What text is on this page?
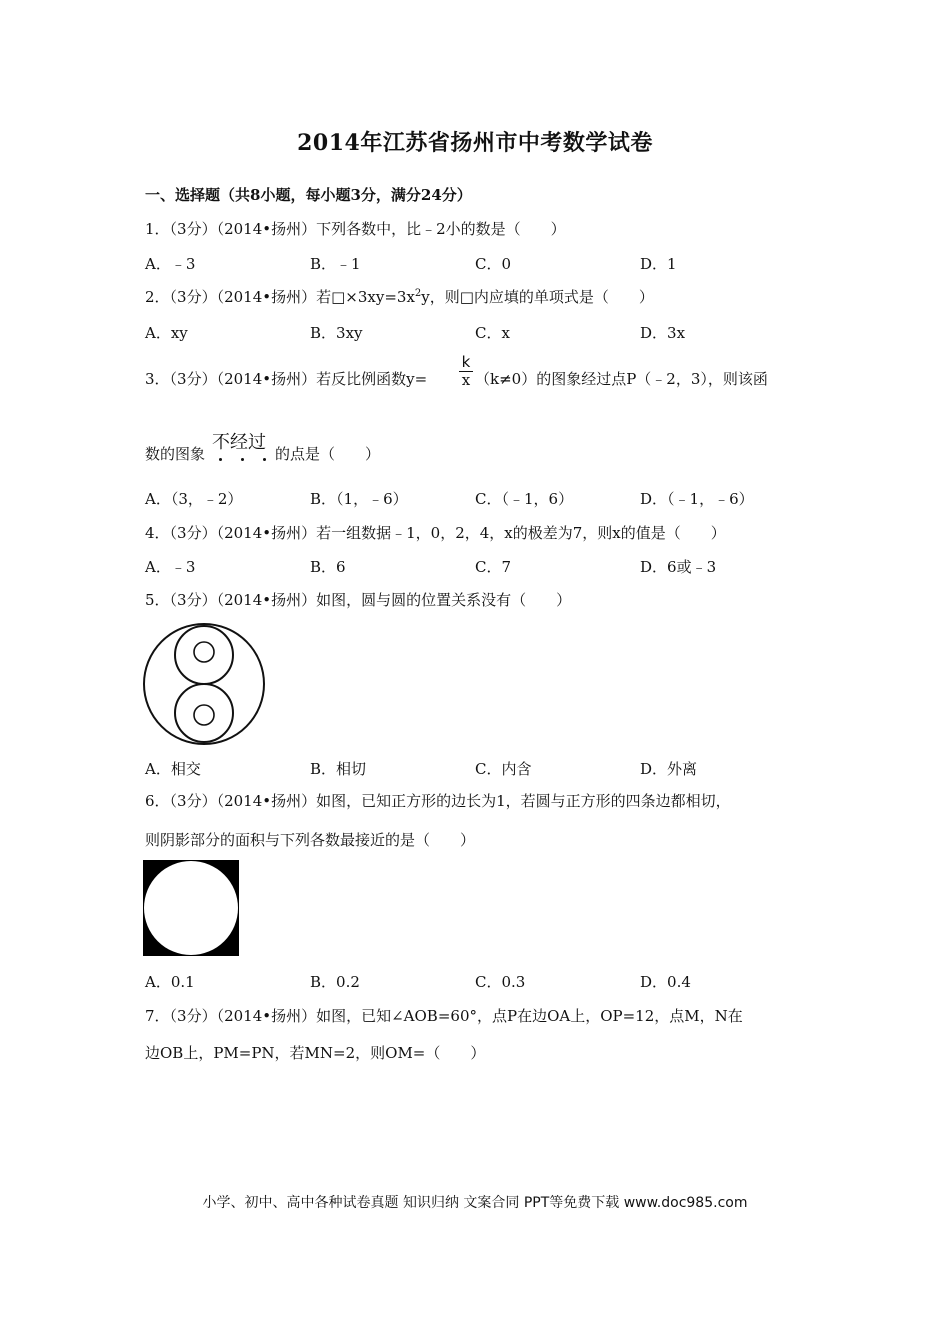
2014年江苏省扬州市中考数学试卷
一、选择题（共8小题，每小题3分，满分24分）
1．（3分）（2014•扬州）下列各数中，比﹣2小的数是（　　）
A．﹣3	B．﹣1	C．0	D．1
2．（3分）（2014•扬州）若$□\times 3xy=3x^2y$，则□内应填的单项式是（　　）
A．xy	B．3xy	C．x	D．3x
3．（3分）（2014•扬州）若反比例函数$y= \frac{k}{x} (k\ne 0)$的图象经过点P（﹣2，3），则该函
数的图象
不经过
的点是（　　）
A．（3，﹣2）	B．（1，﹣6）	C．（﹣1，6）	D．（﹣1，﹣6）
4．（3分）（2014•扬州）若一组数据﹣1，0，2，4，x的极差为7，则x的值是（　　）
A．﹣3	B．6	C．7	D．6或﹣3
5．（3分）（2014•扬州）如图，圆与圆的位置关系没有（　　）
A．相交	B．相切	C．内含	D．外离
6．（3分）（2014•扬州）如图，已知正方形的边长为1，若圆与正方形的四条边都相切，
则阴影部分的面积与下列各数最接近的是（　　）
A．0.1	B．0.2	C．0.3	D．0.4
7．（3分）（2014•扬州）如图，已知∠AOB=60°，点P在边OA上，OP=12，点M，N在
边OB上，PM=PN，若MN=2，则OM=（　　）
小学、初中、高中各种试卷真题 知识归纳 文案合同 PPT等免费下载 www.doc985.com
